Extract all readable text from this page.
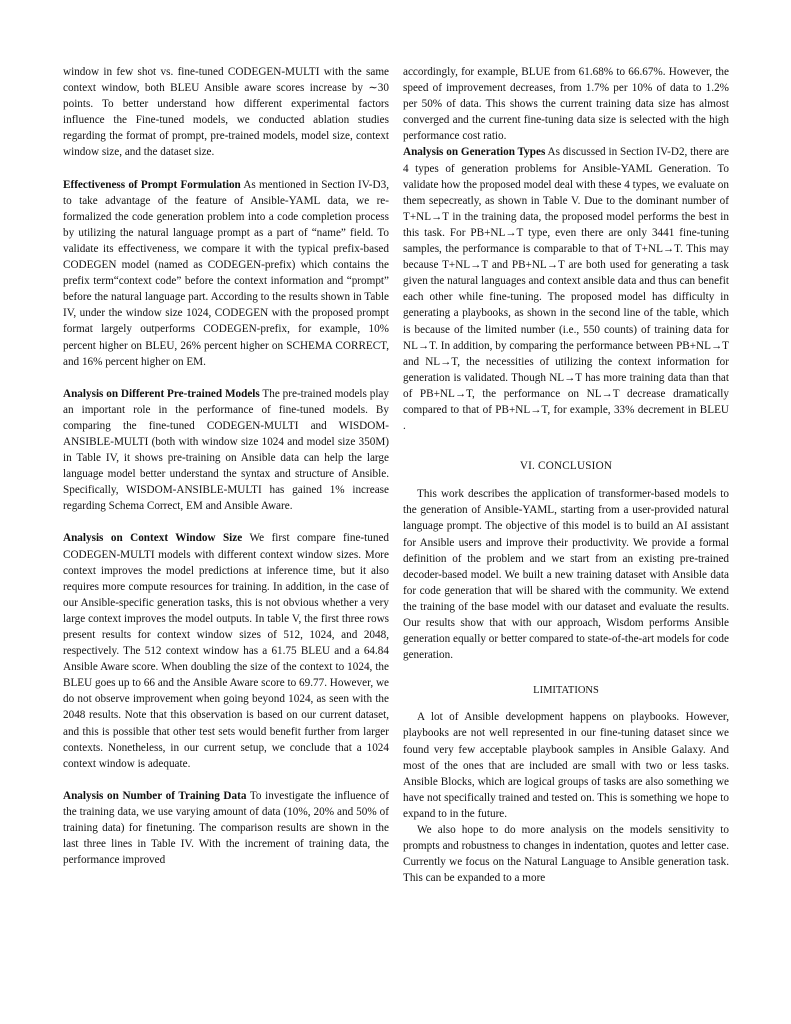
window in few shot vs. fine-tuned CODEGEN-MULTI with the same context window, both BLEU Ansible aware scores increase by ∼30 points. To better understand how different experimental factors influence the Fine-tuned models, we conducted ablation studies regarding the format of prompt, pre-trained models, model size, context window size, and the dataset size.

Effectiveness of Prompt Formulation As mentioned in Section IV-D3, to take advantage of the feature of Ansible-YAML data, we re-formalized the code generation problem into a code completion process by utilizing the natural language prompt as a part of “name” field. To validate its effectiveness, we compare it with the typical prefix-based CODEGEN model (named as CODEGEN-prefix) which contains the prefix term“context code” before the context information and “prompt” before the natural language part. According to the results shown in Table IV, under the window size 1024, CODEGEN with the proposed prompt format largely outperforms CODEGEN-prefix, for example, 10% percent higher on BLEU, 26% percent higher on SCHEMA CORRECT, and 16% percent higher on EM.

Analysis on Different Pre-trained Models The pre-trained models play an important role in the performance of fine-tuned models. By comparing the fine-tuned CODEGEN-MULTI and WISDOM-ANSIBLE-MULTI (both with window size 1024 and model size 350M) in Table IV, it shows pre-training on Ansible data can help the large language model better understand the syntax and structure of Ansible. Specifically, WISDOM-ANSIBLE-MULTI has gained 1% increase regarding Schema Correct, EM and Ansible Aware.

Analysis on Context Window Size We first compare fine-tuned CODEGEN-MULTI models with different context window sizes. More context improves the model predictions at inference time, but it also requires more compute resources for training. In addition, in the case of our Ansible-specific generation tasks, this is not obvious whether a very large context improves the model outputs. In table V, the first three rows present results for context window sizes of 512, 1024, and 2048, respectively. The 512 context window has a 61.75 BLEU and a 64.84 Ansible Aware score. When doubling the size of the context to 1024, the BLEU goes up to 66 and the Ansible Aware score to 69.77. However, we do not observe improvement when going beyond 1024, as seen with the 2048 results. Note that this observation is based on our current dataset, and this is possible that other test sets would benefit further from larger contexts. Nonetheless, in our current setup, we conclude that a 1024 context window is adequate.

Analysis on Number of Training Data To investigate the influence of the training data, we use varying amount of data (10%, 20% and 50% of training data) for finetuning. The comparison results are shown in the last three lines in Table IV. With the increment of training data, the performance improved

accordingly, for example, BLUE from 61.68% to 66.67%. However, the speed of improvement decreases, from 1.7% per 10% of data to 1.2% per 50% of data. This shows the current training data size has almost converged and the current fine-tuning data size is selected with the high performance cost ratio.

Analysis on Generation Types As discussed in Section IV-D2, there are 4 types of generation problems for Ansible-YAML Generation. To validate how the proposed model deal with these 4 types, we evaluate on them sepecreatly, as shown in Table V. Due to the dominant number of T+NL→T in the training data, the proposed model performs the best in this task. For PB+NL→T type, even there are only 3441 fine-tuning samples, the performance is comparable to that of T+NL→T. This may because T+NL→T and PB+NL→T are both used for generating a task given the natural languages and context ansible data and thus can benefit each other while fine-tuning. The proposed model has difficulty in generating a playbooks, as shown in the second line of the table, which is because of the limited number (i.e., 550 counts) of training data for NL→T. In addition, by comparing the performance between PB+NL→T and NL→T, the necessities of utilizing the context information for generation is validated. Though NL→T has more training data than that of PB+NL→T, the performance on NL→T decrease dramatically compared to that of PB+NL→T, for example, 33% decrement in BLEU .

VI. CONCLUSION

This work describes the application of transformer-based models to the generation of Ansible-YAML, starting from a user-provided natural language prompt. The objective of this model is to build an AI assistant for Ansible users and improve their productivity. We provide a formal definition of the problem and we start from an existing pre-trained decoder-based model. We built a new training dataset with Ansible data for code generation that will be shared with the community. We extend the training of the base model with our dataset and evaluate the results. Our results show that with our approach, Wisdom performs Ansible generation equally or better compared to state-of-the-art models for code generation.

LIMITATIONS

A lot of Ansible development happens on playbooks. However, playbooks are not well represented in our fine-tuning dataset since we found very few acceptable playbook samples in Ansible Galaxy. And most of the ones that are included are small with two or less tasks. Ansible Blocks, which are logical groups of tasks are also something we have not specifically trained and tested on. This is something we hope to expand to in the future.

We also hope to do more analysis on the models sensitivity to prompts and robustness to changes in indentation, quotes and letter case. Currently we focus on the Natural Language to Ansible generation task. This can be expanded to a more
